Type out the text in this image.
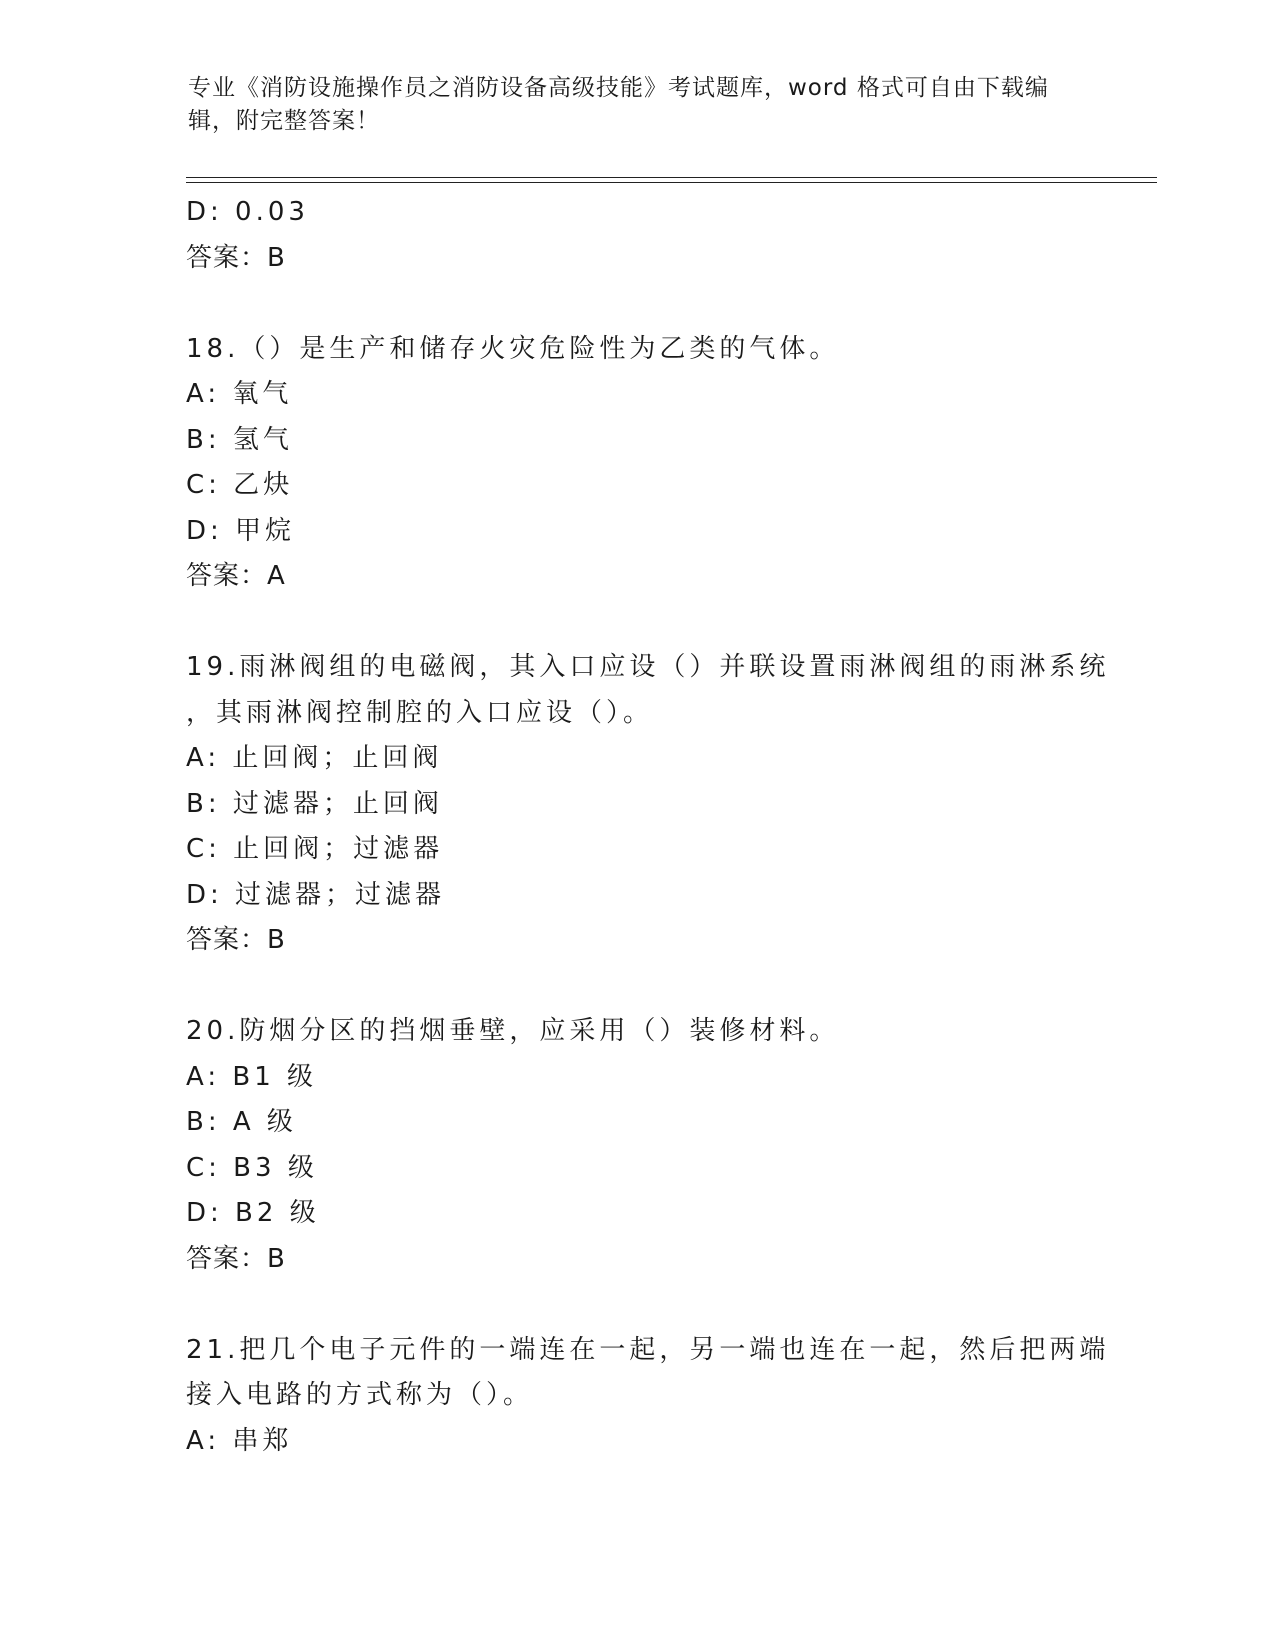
专业《消防设施操作员之消防设备高级技能》考试题库，word 格式可自由下载编
辑，附完整答案！
D: 0.03
答案：B
18.（）是生产和储存火灾危险性为乙类的气体。
A: 氧气
B: 氢气
C: 乙炔
D: 甲烷
答案：A
19.雨淋阀组的电磁阀，其入口应设（）并联设置雨淋阀组的雨淋系统
，其雨淋阀控制腔的入口应设（）。
A: 止回阀；止回阀
B: 过滤器；止回阀
C: 止回阀；过滤器
D: 过滤器；过滤器
答案：B
20.防烟分区的挡烟垂壁，应采用（）装修材料。
A: B1 级
B: A 级
C: B3 级
D: B2 级
答案：B
21.把几个电子元件的一端连在一起，另一端也连在一起，然后把两端
接入电路的方式称为（）。
A: 串郑
